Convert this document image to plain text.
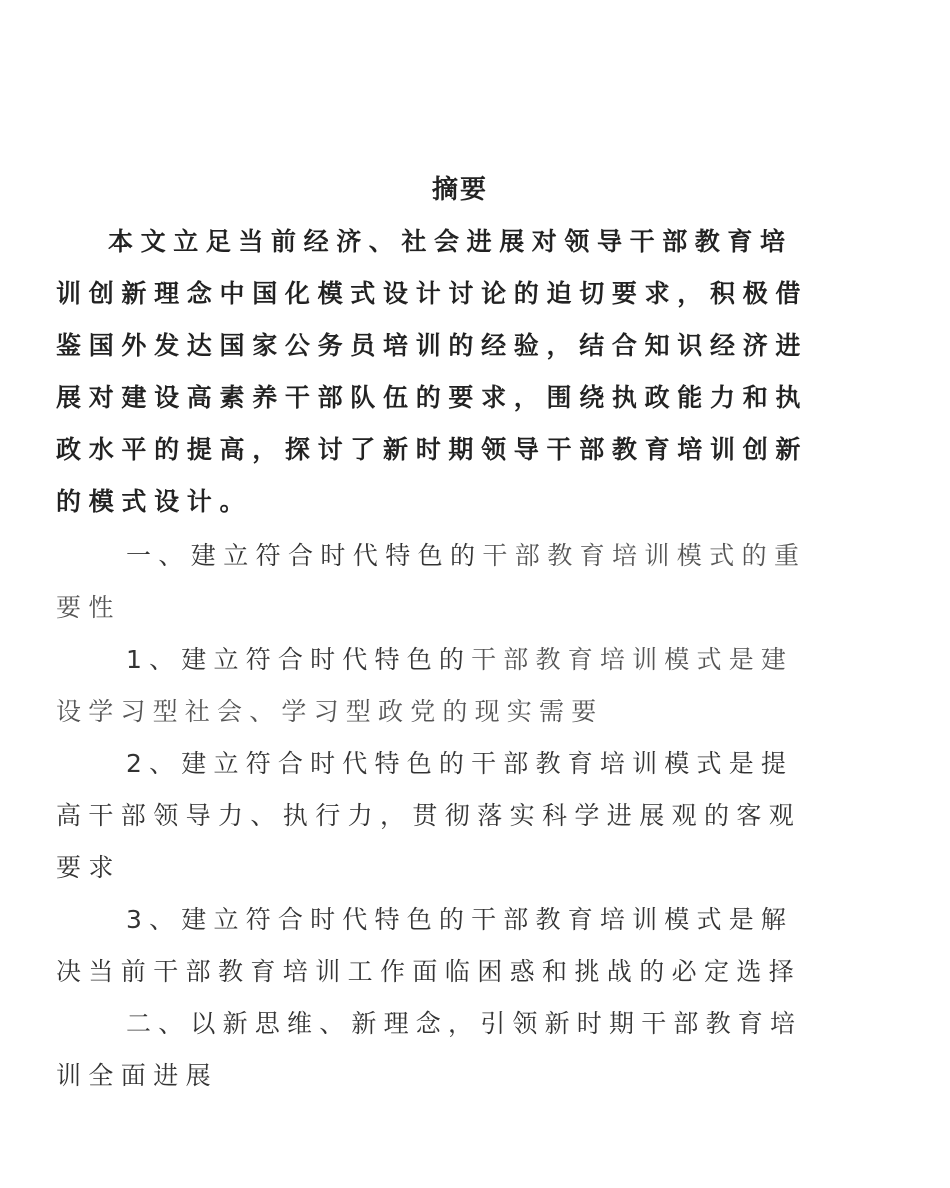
摘要
本文立足当前经济、社会进展对领导干部教育培
训创新理念中国化模式设计讨论的迫切要求，积极借
鉴国外发达国家公务员培训的经验，结合知识经济进
展对建设高素养干部队伍的要求，围绕执政能力和执
政水平的提高，探讨了新时期领导干部教育培训创新
的模式设计。
一、建立符合时代特色的干部教育培训模式的重
要性
1、建立符合时代特色的干部教育培训模式是建
设学习型社会、学习型政党的现实需要
2、建立符合时代特色的干部教育培训模式是提
高干部领导力、执行力，贯彻落实科学进展观的客观
要求
3、建立符合时代特色的干部教育培训模式是解
决当前干部教育培训工作面临困惑和挑战的必定选择
二、以新思维、新理念，引领新时期干部教育培
训全面进展
